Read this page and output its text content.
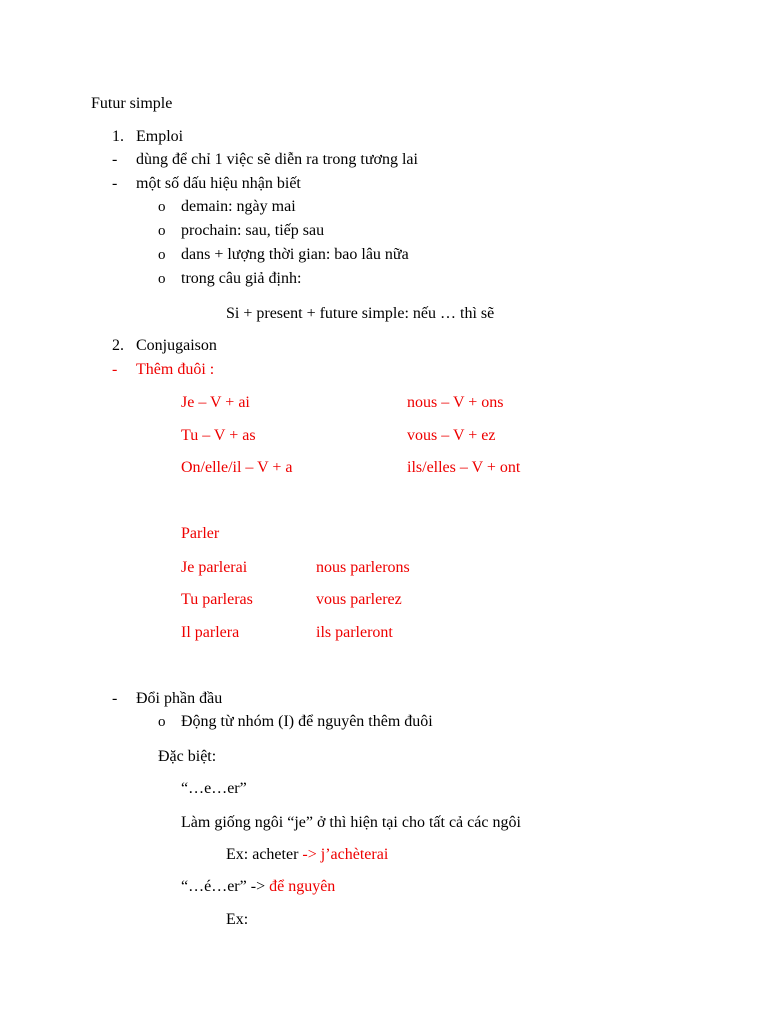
Futur simple
1. Emploi
- dùng để chỉ 1 việc sẽ diễn ra trong tương lai
- một số dấu hiệu nhận biết
o demain: ngày mai
o prochain: sau, tiếp sau
o dans + lượng thời gian: bao lâu nữa
o trong câu giả định:
Si + present + future simple: nếu … thì sẽ
2. Conjugaison
- Thêm đuôi :
Je – V + ai	nous – V + ons
Tu – V + as	vous – V + ez
On/elle/il – V + a	ils/elles – V + ont
Parler
Je parlerai	nous parlerons
Tu parleras	vous parlerez
Il parlera	ils parleront
- Đổi phần đầu
o Động từ nhóm (I) để nguyên thêm đuôi
Đặc biệt:
“…e…er”
Làm giống ngôi “je” ở thì hiện tại cho tất cả các ngôi
Ex: acheter -> j’achèterai
“…é…er” -> để nguyên
Ex:
